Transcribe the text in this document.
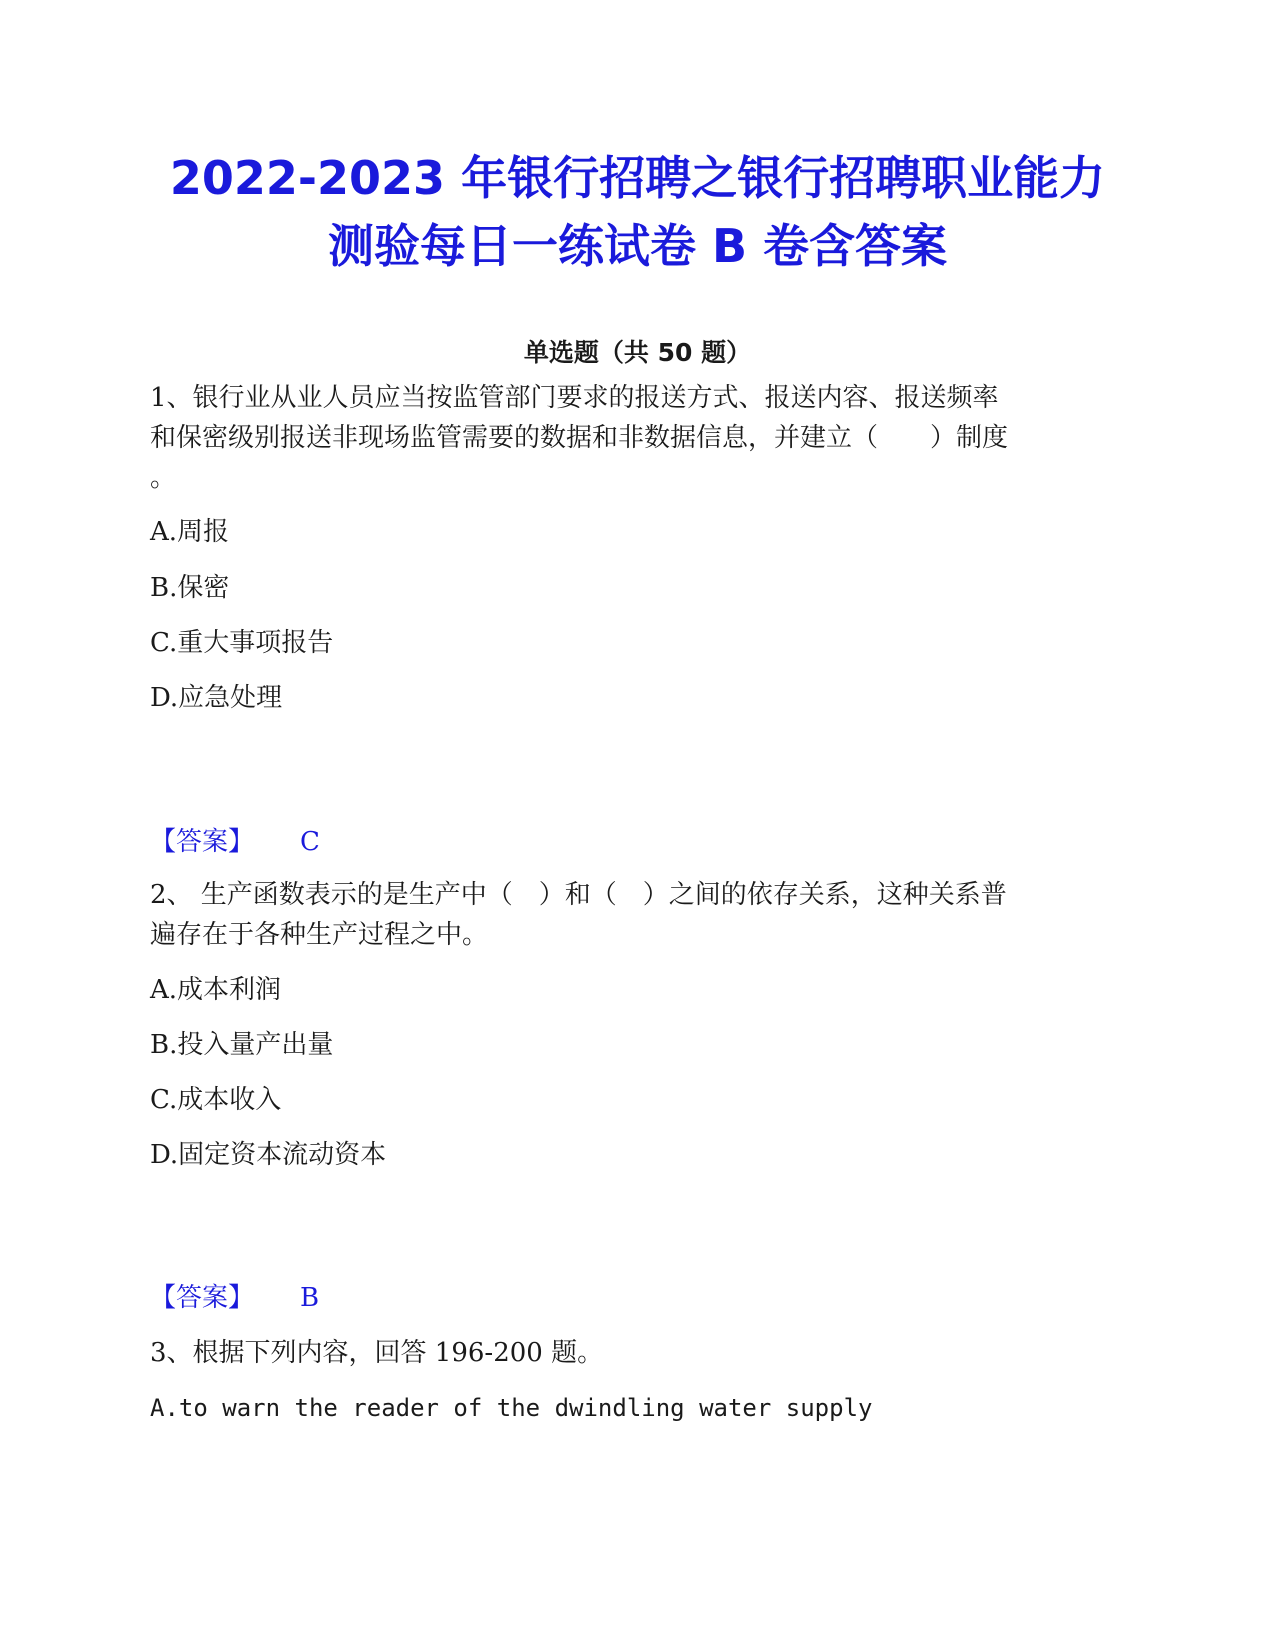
2022-2023 年银行招聘之银行招聘职业能力
测验每日一练试卷 B 卷含答案
单选题（共 50 题）

1、银行业从业人员应当按监管部门要求的报送方式、报送内容、报送频率

和保密级别报送非现场监管需要的数据和非数据信息，并建立（　　）制度

。

A.周报

B.保密

C.重大事项报告

D.应急处理

【答案】 C

2、 生产函数表示的是生产中（　）和（　）之间的依存关系，这种关系普

遍存在于各种生产过程之中。

A.成本利润

B.投入量产出量

C.成本收入

D.固定资本流动资本

【答案】 B

3、根据下列内容，回答 196-200 题。

A.to warn the reader of the dwindling water supply
